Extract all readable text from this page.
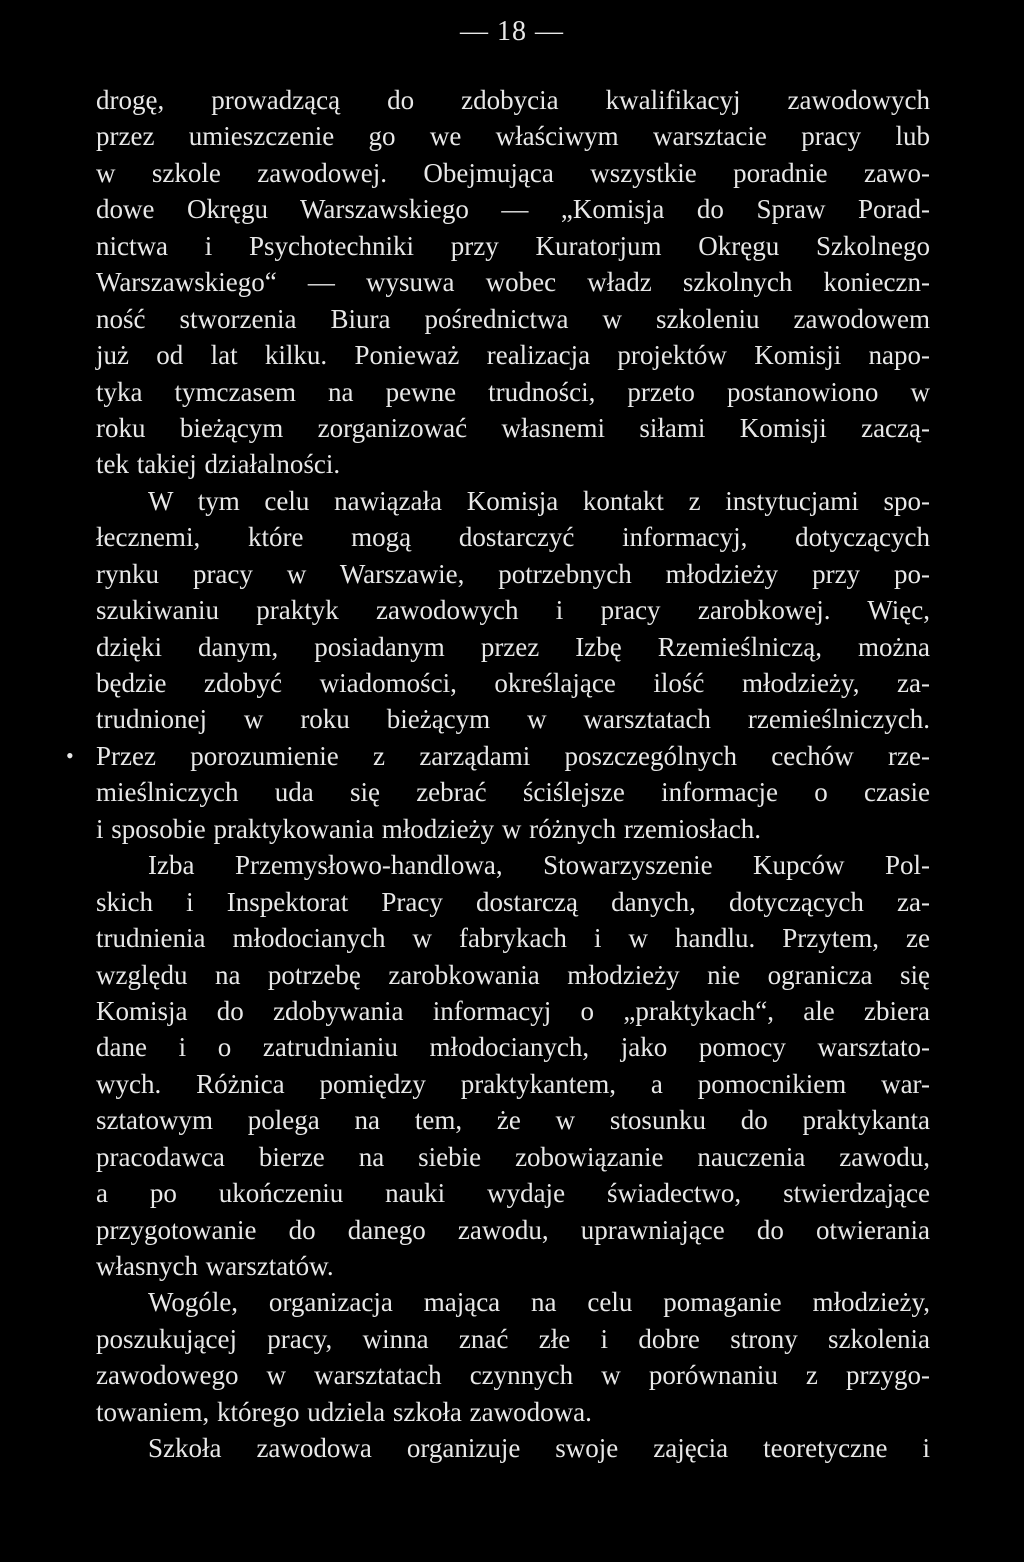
— 18 —
•
drogę, prowadzącą do zdobycia kwalifikacyj zawodowych
przez umieszczenie go we właściwym warsztacie pracy lub
w szkole zawodowej. Obejmująca wszystkie poradnie zawo-
dowe Okręgu Warszawskiego — „Komisja do Spraw Porad-
nictwa i Psychotechniki przy Kuratorjum Okręgu Szkolnego
Warszawskiego“ — wysuwa wobec władz szkolnych konieczn-
ność stworzenia Biura pośrednictwa w szkoleniu zawodowem
już od lat kilku. Ponieważ realizacja projektów Komisji napo-
tyka tymczasem na pewne trudności, przeto postanowiono w
roku bieżącym zorganizować własnemi siłami Komisji zaczą-
tek takiej działalności.
W tym celu nawiązała Komisja kontakt z instytucjami spo-
łecznemi, które mogą dostarczyć informacyj, dotyczących
rynku pracy w Warszawie, potrzebnych młodzieży przy po-
szukiwaniu praktyk zawodowych i pracy zarobkowej. Więc,
dzięki danym, posiadanym przez Izbę Rzemieślniczą, można
będzie zdobyć wiadomości, określające ilość młodzieży, za-
trudnionej w roku bieżącym w warsztatach rzemieślniczych.
Przez porozumienie z zarządami poszczególnych cechów rze-
mieślniczych uda się zebrać ściślejsze informacje o czasie
i sposobie praktykowania młodzieży w różnych rzemiosłach.
Izba Przemysłowo-handlowa, Stowarzyszenie Kupców Pol-
skich i Inspektorat Pracy dostarczą danych, dotyczących za-
trudnienia młodocianych w fabrykach i w handlu. Przytem, ze
względu na potrzebę zarobkowania młodzieży nie ogranicza się
Komisja do zdobywania informacyj o „praktykach“, ale zbiera
dane i o zatrudnianiu młodocianych, jako pomocy warsztato-
wych. Różnica pomiędzy praktykantem, a pomocnikiem war-
sztatowym polega na tem, że w stosunku do praktykanta
pracodawca bierze na siebie zobowiązanie nauczenia zawodu,
a po ukończeniu nauki wydaje świadectwo, stwierdzające
przygotowanie do danego zawodu, uprawniające do otwierania
własnych warsztatów.
Wogóle, organizacja mająca na celu pomaganie młodzieży,
poszukującej pracy, winna znać złe i dobre strony szkolenia
zawodowego w warsztatach czynnych w porównaniu z przygo-
towaniem, którego udziela szkoła zawodowa.
Szkoła zawodowa organizuje swoje zajęcia teoretyczne i
